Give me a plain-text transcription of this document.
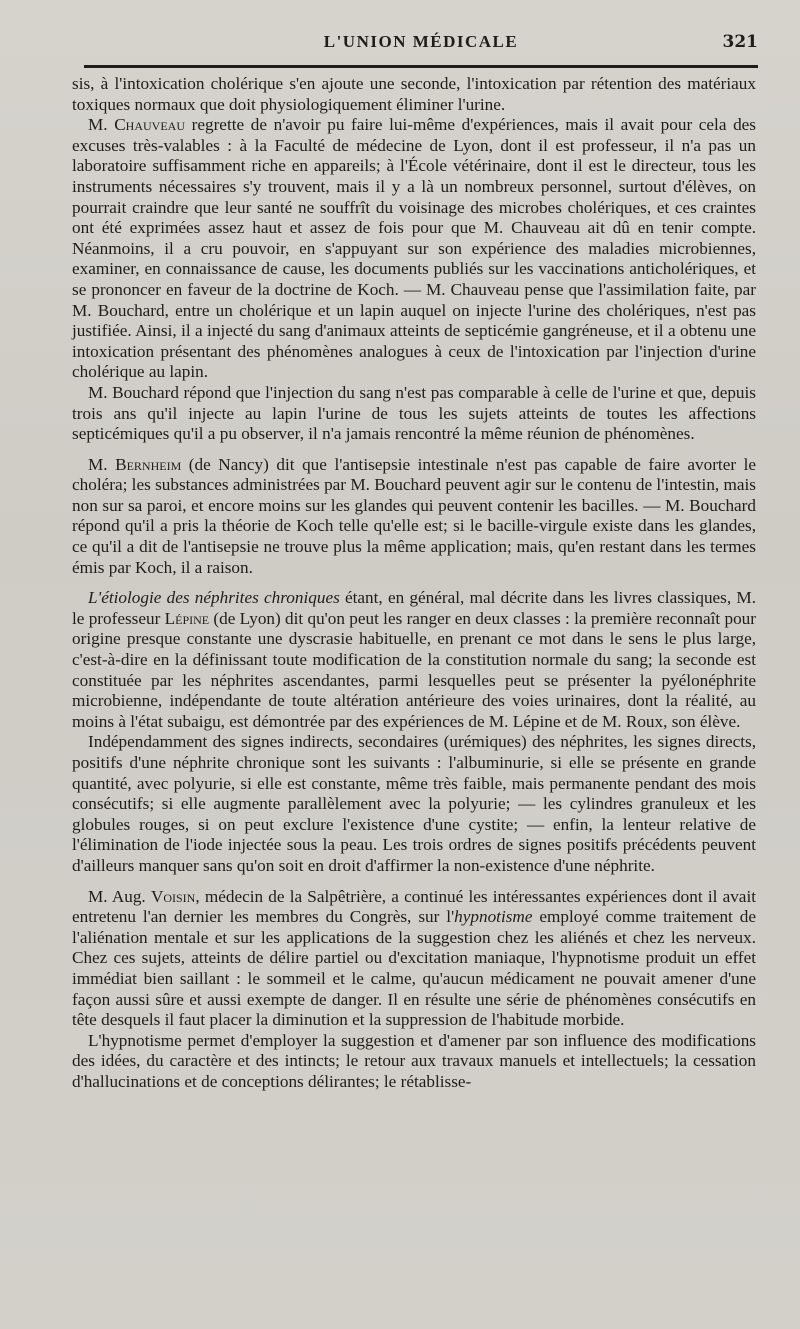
L'UNION MÉDICALE	321

sis, à l'intoxication cholérique s'en ajoute une seconde, l'intoxication par rétention des matériaux toxiques normaux que doit physiologiquement éliminer l'urine.

M. Chauveau regrette de n'avoir pu faire lui-même d'expériences, mais il avait pour cela des excuses très-valables : à la Faculté de médecine de Lyon, dont il est professeur, il n'a pas un laboratoire suffisamment riche en appareils; à l'École vétérinaire, dont il est le directeur, tous les instruments nécessaires s'y trouvent, mais il y a là un nombreux personnel, surtout d'élèves, on pourrait craindre que leur santé ne souffrît du voisinage des microbes cholériques, et ces craintes ont été exprimées assez haut et assez de fois pour que M. Chauveau ait dû en tenir compte. Néanmoins, il a cru pouvoir, en s'appuyant sur son expérience des maladies microbiennes, examiner, en connaissance de cause, les documents publiés sur les vaccinations anticholériques, et se prononcer en faveur de la doctrine de Koch. — M. Chauveau pense que l'assimilation faite, par M. Bouchard, entre un cholérique et un lapin auquel on injecte l'urine des cholériques, n'est pas justifiée. Ainsi, il a injecté du sang d'animaux atteints de septicémie gangréneuse, et il a obtenu une intoxication présentant des phénomènes analogues à ceux de l'intoxication par l'injection d'urine cholérique au lapin.

M. Bouchard répond que l'injection du sang n'est pas comparable à celle de l'urine et que, depuis trois ans qu'il injecte au lapin l'urine de tous les sujets atteints de toutes les affections septicémiques qu'il a pu observer, il n'a jamais rencontré la même réunion de phénomènes.

M. Bernheim (de Nancy) dit que l'antisepsie intestinale n'est pas capable de faire avorter le choléra; les substances administrées par M. Bouchard peuvent agir sur le contenu de l'intestin, mais non sur sa paroi, et encore moins sur les glandes qui peuvent contenir les bacilles. — M. Bouchard répond qu'il a pris la théorie de Koch telle qu'elle est; si le bacille-virgule existe dans les glandes, ce qu'il a dit de l'antisepsie ne trouve plus la même application; mais, qu'en restant dans les termes émis par Koch, il a raison.

L'étiologie des néphrites chroniques étant, en général, mal décrite dans les livres classiques, M. le professeur Lépine (de Lyon) dit qu'on peut les ranger en deux classes : la première reconnaît pour origine presque constante une dyscrasie habituelle, en prenant ce mot dans le sens le plus large, c'est-à-dire en la définissant toute modification de la constitution normale du sang; la seconde est constituée par les néphrites ascendantes, parmi lesquelles peut se présenter la pyélonéphrite microbienne, indépendante de toute altération antérieure des voies urinaires, dont la réalité, au moins à l'état subaigu, est démontrée par des expériences de M. Lépine et de M. Roux, son élève.

Indépendamment des signes indirects, secondaires (urémiques) des néphrites, les signes directs, positifs d'une néphrite chronique sont les suivants : l'albuminurie, si elle se présente en grande quantité, avec polyurie, si elle est constante, même très faible, mais permanente pendant des mois consécutifs; si elle augmente parallèlement avec la polyurie; — les cylindres granuleux et les globules rouges, si on peut exclure l'existence d'une cystite; — enfin, la lenteur relative de l'élimination de l'iode injectée sous la peau. Les trois ordres de signes positifs précédents peuvent d'ailleurs manquer sans qu'on soit en droit d'affirmer la non-existence d'une néphrite.

M. Aug. Voisin, médecin de la Salpêtrière, a continué les intéressantes expériences dont il avait entretenu l'an dernier les membres du Congrès, sur l'hypnotisme employé comme traitement de l'aliénation mentale et sur les applications de la suggestion chez les aliénés et chez les nerveux. Chez ces sujets, atteints de délire partiel ou d'excitation maniaque, l'hypnotisme produit un effet immédiat bien saillant : le sommeil et le calme, qu'aucun médicament ne pouvait amener d'une façon aussi sûre et aussi exempte de danger. Il en résulte une série de phénomènes consécutifs en tête desquels il faut placer la diminution et la suppression de l'habitude morbide.

L'hypnotisme permet d'employer la suggestion et d'amener par son influence des modifications des idées, du caractère et des intincts; le retour aux travaux manuels et intellectuels; la cessation d'hallucinations et de conceptions délirantes; le rétablisse-
